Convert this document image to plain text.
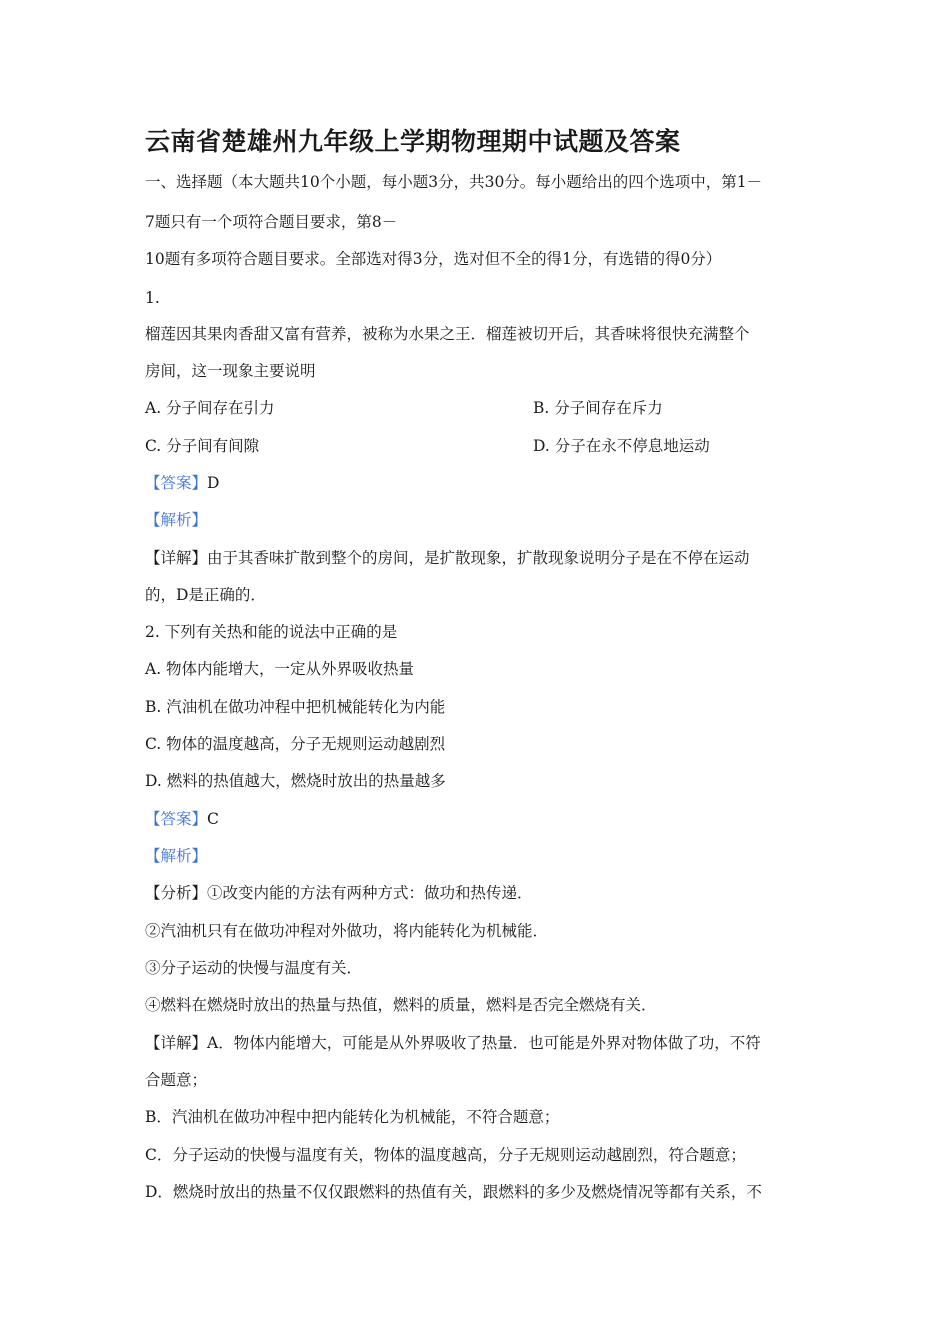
云南省楚雄州九年级上学期物理期中试题及答案
一、选择题（本大题共10个小题，每小题3分，共30分。每小题给出的四个选项中，第1－
7题只有一个项符合题目要求，第8－
10题有多项符合题目要求。全部选对得3分，选对但不全的得1分，有选错的得0分）
1.
榴莲因其果肉香甜又富有营养，被称为水果之王．榴莲被切开后，其香味将很快充满整个
房间，这一现象主要说明
A. 分子间存在引力	B. 分子间存在斥力
C. 分子间有间隙	D. 分子在永不停息地运动
【答案】D
【解析】
【详解】由于其香味扩散到整个的房间，是扩散现象，扩散现象说明分子是在不停在运动
的，D是正确的．
2. 下列有关热和能的说法中正确的是
A. 物体内能增大，一定从外界吸收热量
B. 汽油机在做功冲程中把机械能转化为内能
C. 物体的温度越高，分子无规则运动越剧烈
D. 燃料的热值越大，燃烧时放出的热量越多
【答案】C
【解析】
【分析】①改变内能的方法有两种方式：做功和热传递．
②汽油机只有在做功冲程对外做功，将内能转化为机械能．
③分子运动的快慢与温度有关．
④燃料在燃烧时放出的热量与热值，燃料的质量，燃料是否完全燃烧有关．
【详解】A．物体内能增大，可能是从外界吸收了热量．也可能是外界对物体做了功，不符
合题意；
B．汽油机在做功冲程中把内能转化为机械能，不符合题意；
C．分子运动的快慢与温度有关，物体的温度越高，分子无规则运动越剧烈，符合题意；
D．燃烧时放出的热量不仅仅跟燃料的热值有关，跟燃料的多少及燃烧情况等都有关系，不
